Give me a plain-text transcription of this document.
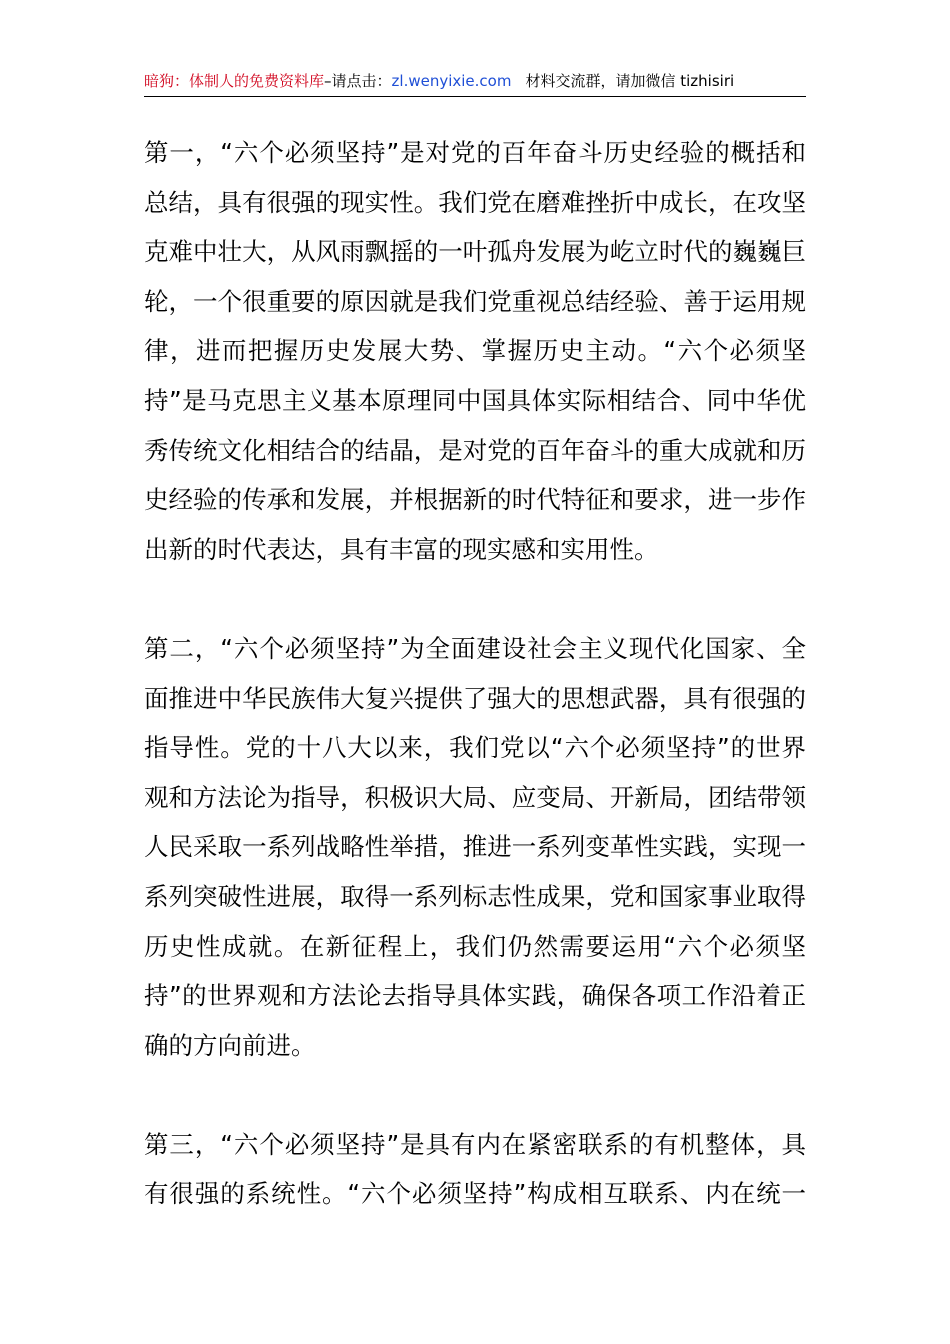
暗狗：体制人的免费资料库–请点击：zl.wenyixie.com 材料交流群，请加微信 tizhisiri
第一，“六个必须坚持”是对党的百年奋斗历史经验的概括和
总结，具有很强的现实性。我们党在磨难挫折中成长，在攻坚
克难中壮大，从风雨飘摇的一叶孤舟发展为屹立时代的巍巍巨
轮，一个很重要的原因就是我们党重视总结经验、善于运用规
律，进而把握历史发展大势、掌握历史主动。“六个必须坚
持”是马克思主义基本原理同中国具体实际相结合、同中华优
秀传统文化相结合的结晶，是对党的百年奋斗的重大成就和历
史经验的传承和发展，并根据新的时代特征和要求，进一步作
出新的时代表达，具有丰富的现实感和实用性。
第二，“六个必须坚持”为全面建设社会主义现代化国家、全
面推进中华民族伟大复兴提供了强大的思想武器，具有很强的
指导性。党的十八大以来，我们党以“六个必须坚持”的世界
观和方法论为指导，积极识大局、应变局、开新局，团结带领
人民采取一系列战略性举措，推进一系列变革性实践，实现一
系列突破性进展，取得一系列标志性成果，党和国家事业取得
历史性成就。在新征程上，我们仍然需要运用“六个必须坚
持”的世界观和方法论去指导具体实践，确保各项工作沿着正
确的方向前进。
第三，“六个必须坚持”是具有内在紧密联系的有机整体，具
有很强的系统性。“六个必须坚持”构成相互联系、内在统一
